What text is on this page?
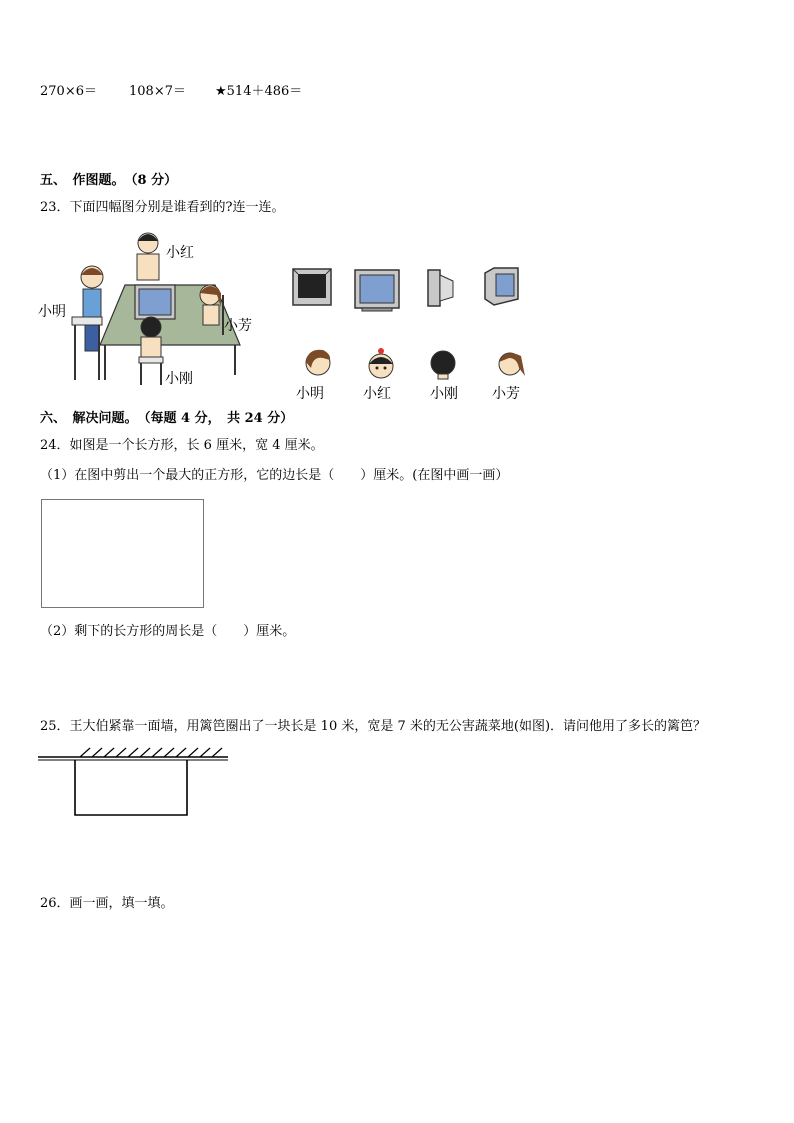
270×6＝ 108×7＝ ★514＋486＝
五、　作图题。　（8 分）
23．下面四幅图分别是谁看到的?连一连。
小红
小明
小芳
小刚
小明	小红	小刚 小芳
六、　解决问题。　（每题 4 分，　共 24 分）
24．如图是一个长方形，长 6 厘米，宽 4 厘米。
（1）在图中剪出一个最大的正方形，它的边长是（　　）厘米。(在图中画一画）
（2）剩下的长方形的周长是（　　）厘米。
25．王大伯紧靠一面墙，用篱笆圈出了一块长是 10 米，宽是 7 米的无公害蔬菜地(如图)．请问他用了多长的篱笆？
26．画一画，填一填。
